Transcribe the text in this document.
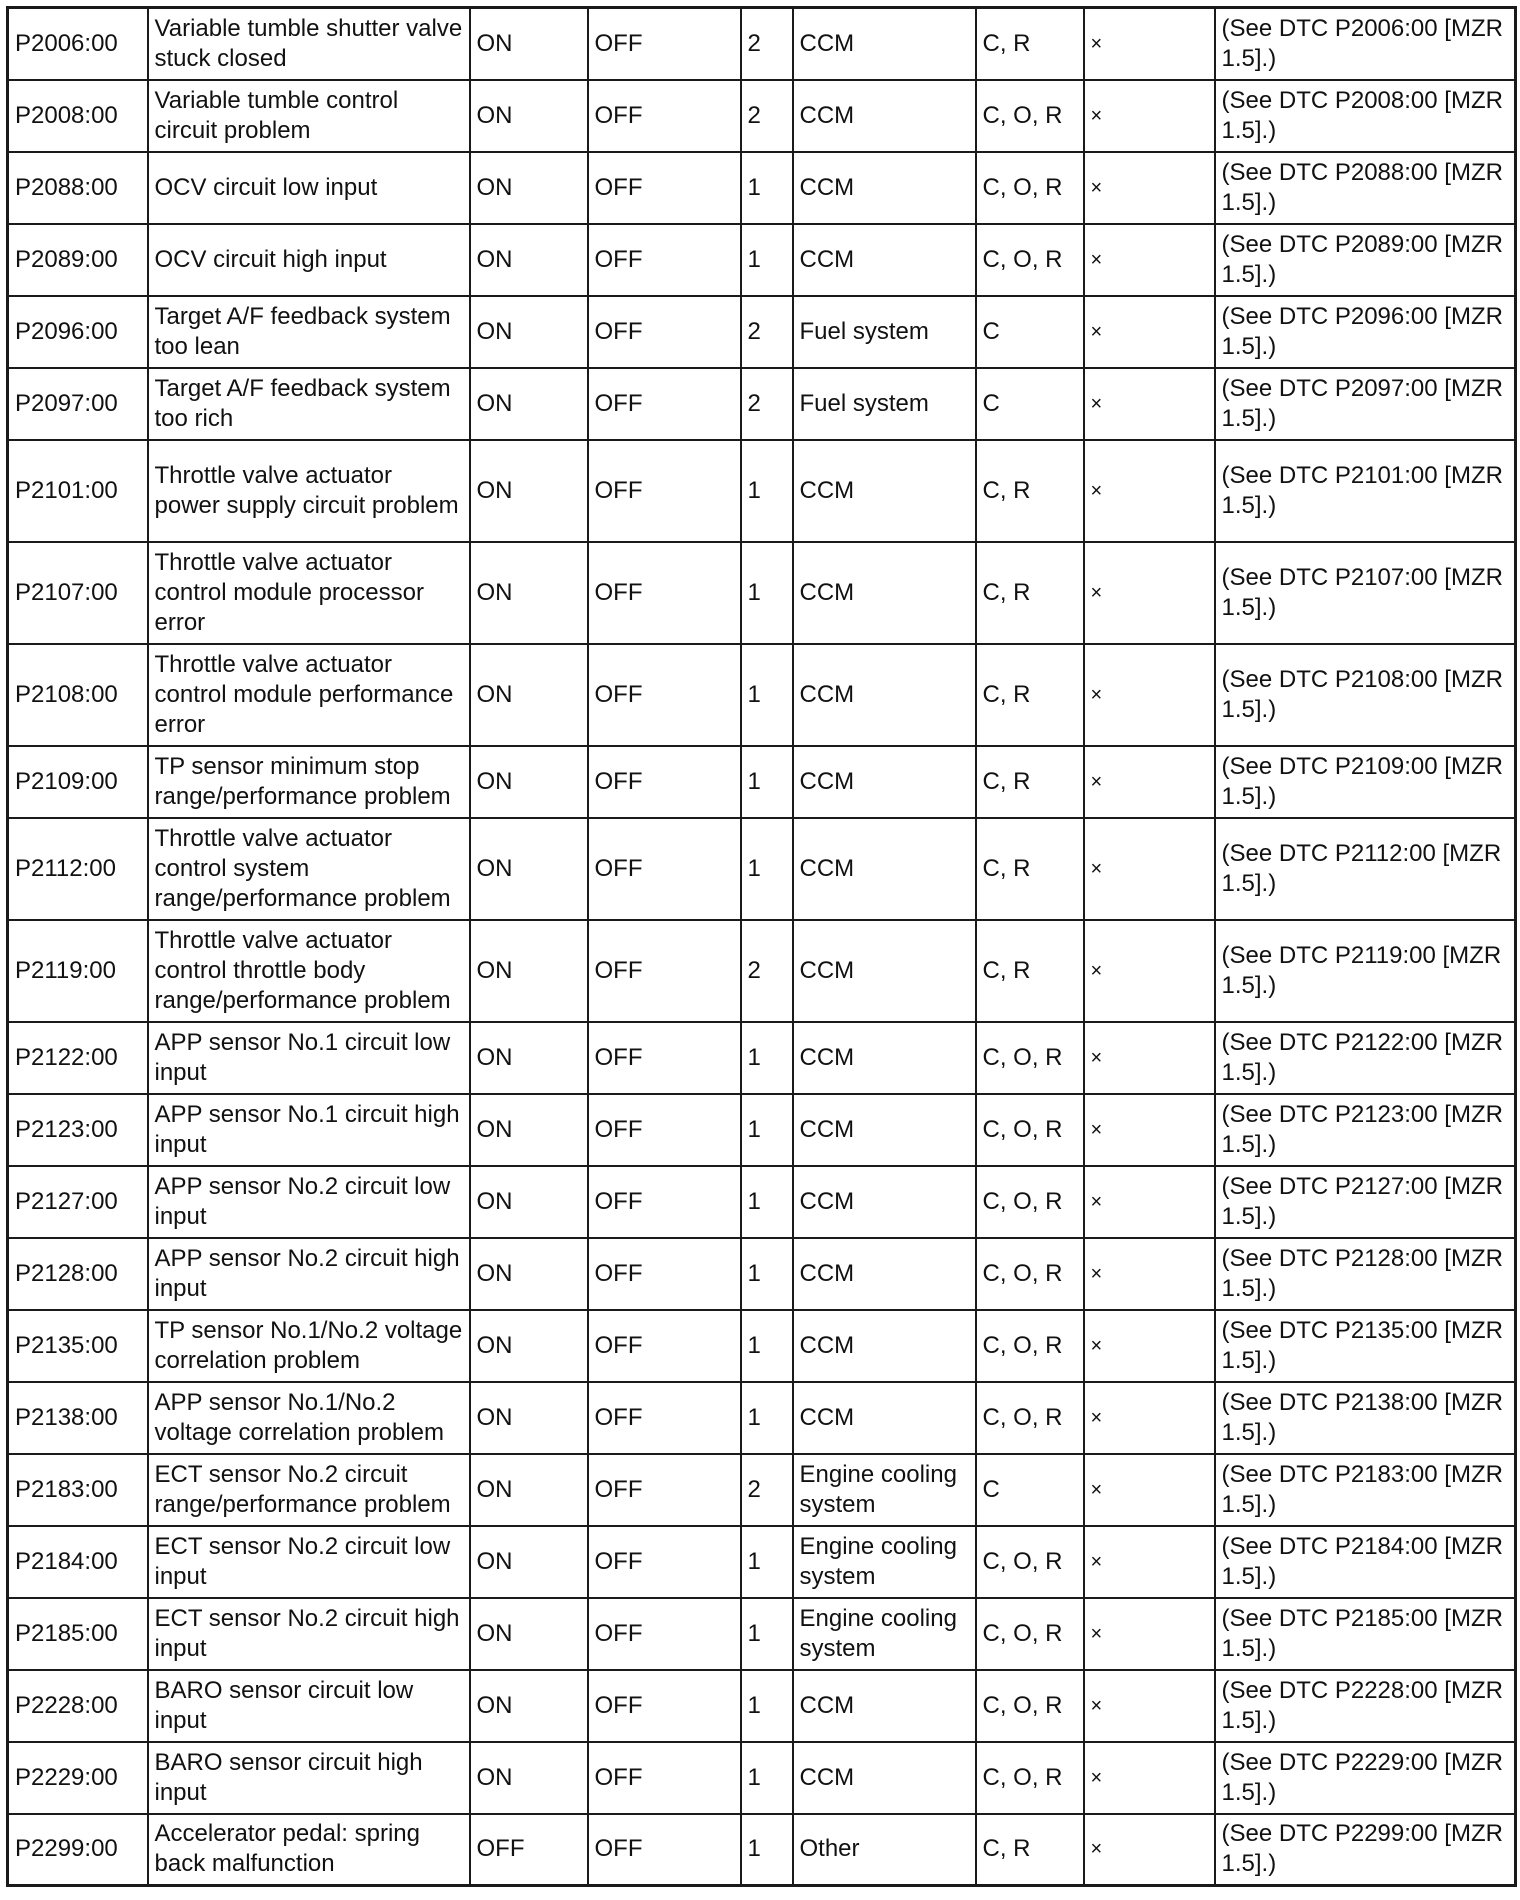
P2006:00	Variable tumble shutter valve stuck closed	ON	OFF	2	CCM	C, R	×	(See DTC P2006:00 [MZR 1.5].)
P2008:00	Variable tumble control circuit problem	ON	OFF	2	CCM	C, O, R	×	(See DTC P2008:00 [MZR 1.5].)
P2088:00	OCV circuit low input	ON	OFF	1	CCM	C, O, R	×	(See DTC P2088:00 [MZR 1.5].)
P2089:00	OCV circuit high input	ON	OFF	1	CCM	C, O, R	×	(See DTC P2089:00 [MZR 1.5].)
P2096:00	Target A/F feedback system too lean	ON	OFF	2	Fuel system	C	×	(See DTC P2096:00 [MZR 1.5].)
P2097:00	Target A/F feedback system too rich	ON	OFF	2	Fuel system	C	×	(See DTC P2097:00 [MZR 1.5].)
P2101:00	Throttle valve actuator power supply circuit problem	ON	OFF	1	CCM	C, R	×	(See DTC P2101:00 [MZR 1.5].)
P2107:00	Throttle valve actuator control module processor error	ON	OFF	1	CCM	C, R	×	(See DTC P2107:00 [MZR 1.5].)
P2108:00	Throttle valve actuator control module performance error	ON	OFF	1	CCM	C, R	×	(See DTC P2108:00 [MZR 1.5].)
P2109:00	TP sensor minimum stop range/performance problem	ON	OFF	1	CCM	C, R	×	(See DTC P2109:00 [MZR 1.5].)
P2112:00	Throttle valve actuator control system range/performance problem	ON	OFF	1	CCM	C, R	×	(See DTC P2112:00 [MZR 1.5].)
P2119:00	Throttle valve actuator control throttle body range/performance problem	ON	OFF	2	CCM	C, R	×	(See DTC P2119:00 [MZR 1.5].)
P2122:00	APP sensor No.1 circuit low input	ON	OFF	1	CCM	C, O, R	×	(See DTC P2122:00 [MZR 1.5].)
P2123:00	APP sensor No.1 circuit high input	ON	OFF	1	CCM	C, O, R	×	(See DTC P2123:00 [MZR 1.5].)
P2127:00	APP sensor No.2 circuit low input	ON	OFF	1	CCM	C, O, R	×	(See DTC P2127:00 [MZR 1.5].)
P2128:00	APP sensor No.2 circuit high input	ON	OFF	1	CCM	C, O, R	×	(See DTC P2128:00 [MZR 1.5].)
P2135:00	TP sensor No.1/No.2 voltage correlation problem	ON	OFF	1	CCM	C, O, R	×	(See DTC P2135:00 [MZR 1.5].)
P2138:00	APP sensor No.1/No.2 voltage correlation problem	ON	OFF	1	CCM	C, O, R	×	(See DTC P2138:00 [MZR 1.5].)
P2183:00	ECT sensor No.2 circuit range/performance problem	ON	OFF	2	Engine cooling system	C	×	(See DTC P2183:00 [MZR 1.5].)
P2184:00	ECT sensor No.2 circuit low input	ON	OFF	1	Engine cooling system	C, O, R	×	(See DTC P2184:00 [MZR 1.5].)
P2185:00	ECT sensor No.2 circuit high input	ON	OFF	1	Engine cooling system	C, O, R	×	(See DTC P2185:00 [MZR 1.5].)
P2228:00	BARO sensor circuit low input	ON	OFF	1	CCM	C, O, R	×	(See DTC P2228:00 [MZR 1.5].)
P2229:00	BARO sensor circuit high input	ON	OFF	1	CCM	C, O, R	×	(See DTC P2229:00 [MZR 1.5].)
P2299:00	Accelerator pedal: spring back malfunction	OFF	OFF	1	Other	C, R	×	(See DTC P2299:00 [MZR 1.5].)
